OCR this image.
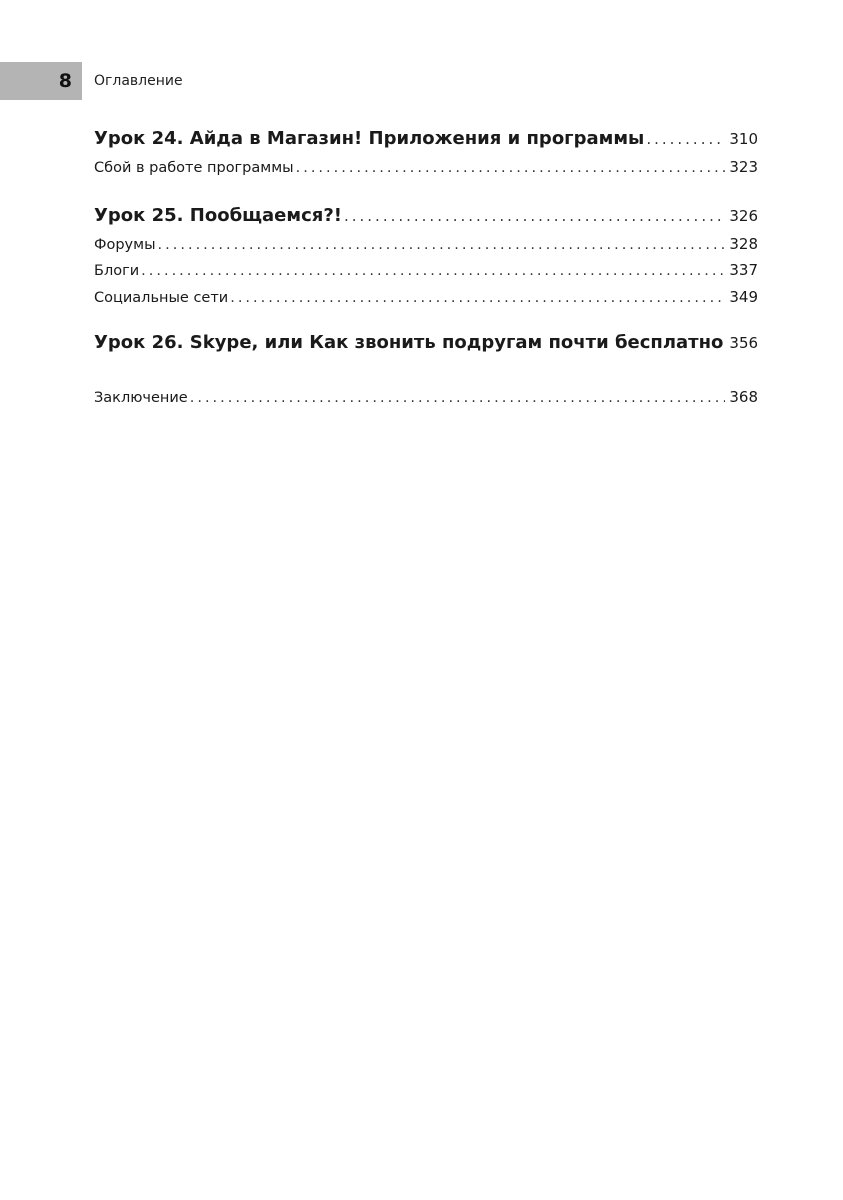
8 Оглавление
Урок 24. Айда в Магазин! Приложения и программы .....	310
Сбой в работе программы .....	323
Урок 25. Пообщаемся?! .....	326
Форумы .....	328
Блоги .....	337
Социальные сети .....	349
Урок 26. Skype, или Как звонить подругам почти бесплатно 356
Заключение .....	368
